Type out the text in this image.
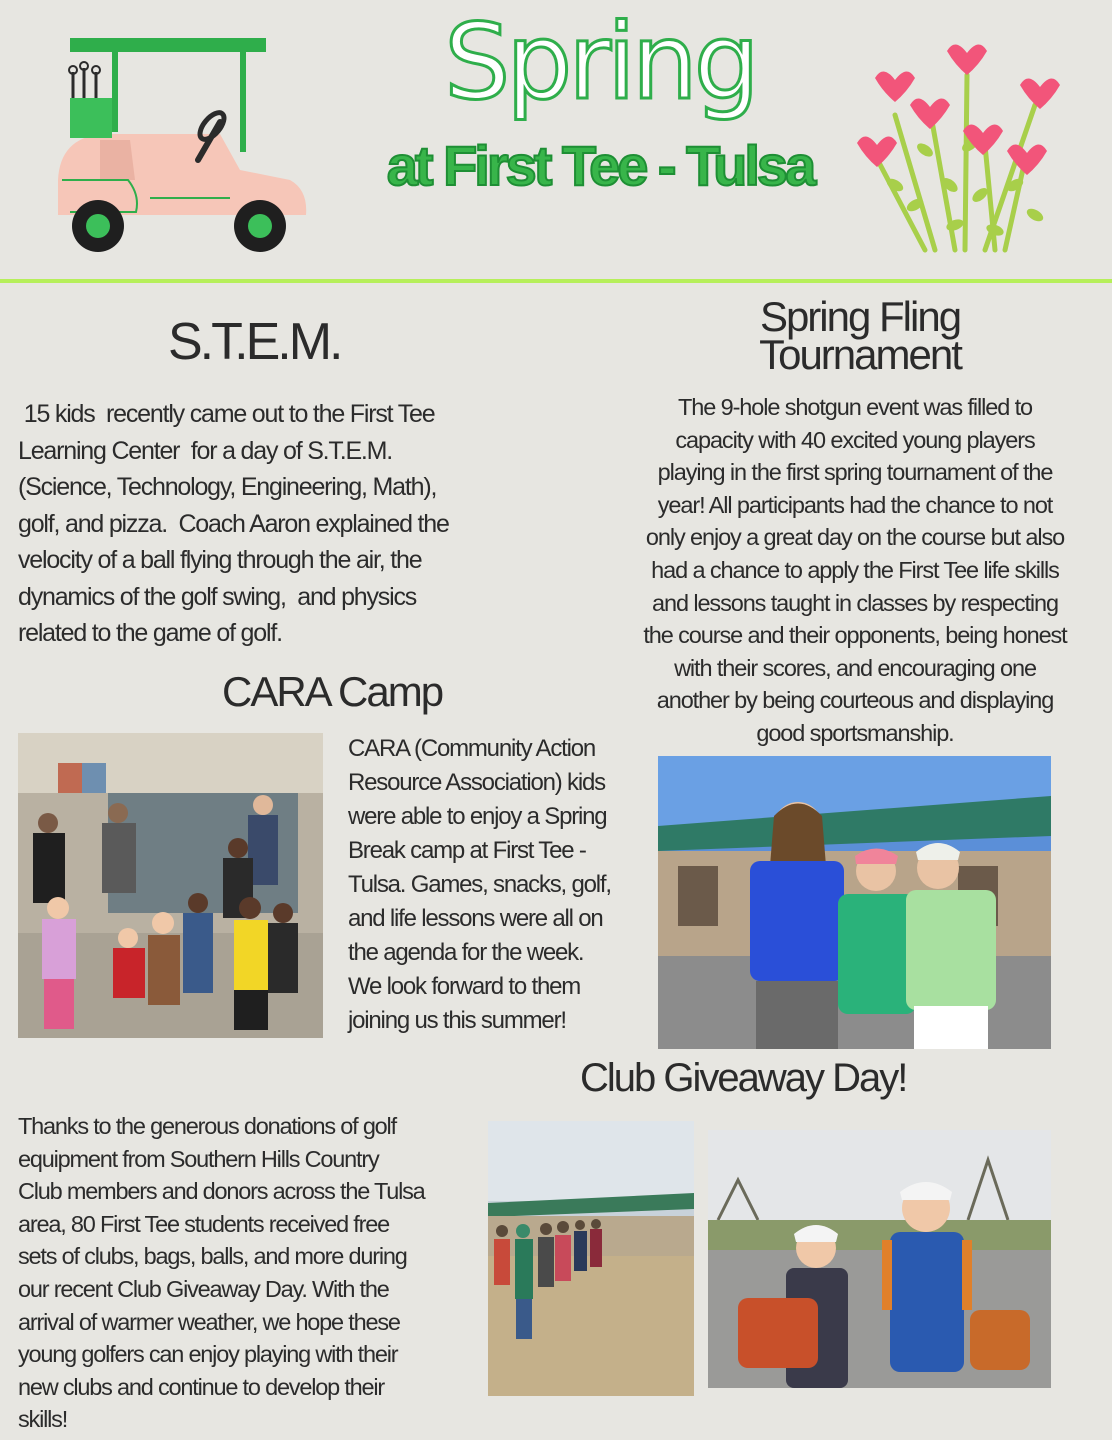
Spring
at First Tee - Tulsa
S.T.E.M.
15 kids  recently came out to the First Tee
Learning Center  for a day of S.T.E.M.
(Science, Technology, Engineering, Math),
golf, and pizza.  Coach Aaron explained the
velocity of a ball flying through the air, the
dynamics of the golf swing,  and physics
related to the game of golf.
Spring Fling
Tournament
The 9-hole shotgun event was filled to
capacity with 40 excited young players
playing in the first spring tournament of the
year! All participants had the chance to not
only enjoy a great day on the course but also
had a chance to apply the First Tee life skills
and lessons taught in classes by respecting
the course and their opponents, being honest
with their scores, and encouraging one
another by being courteous and displaying
good sportsmanship.
CARA Camp
CARA (Community Action
Resource Association) kids
were able to enjoy a Spring
Break camp at First Tee -
Tulsa. Games, snacks, golf,
and life lessons were all on
the agenda for the week.
We look forward to them
joining us this summer!
Club Giveaway Day!
Thanks to the generous donations of golf
equipment from Southern Hills Country
Club members and donors across the Tulsa
area, 80 First Tee students received free
sets of clubs, bags, balls, and more during
our recent Club Giveaway Day. With the
arrival of warmer weather, we hope these
young golfers can enjoy playing with their
new clubs and continue to develop their
skills!
